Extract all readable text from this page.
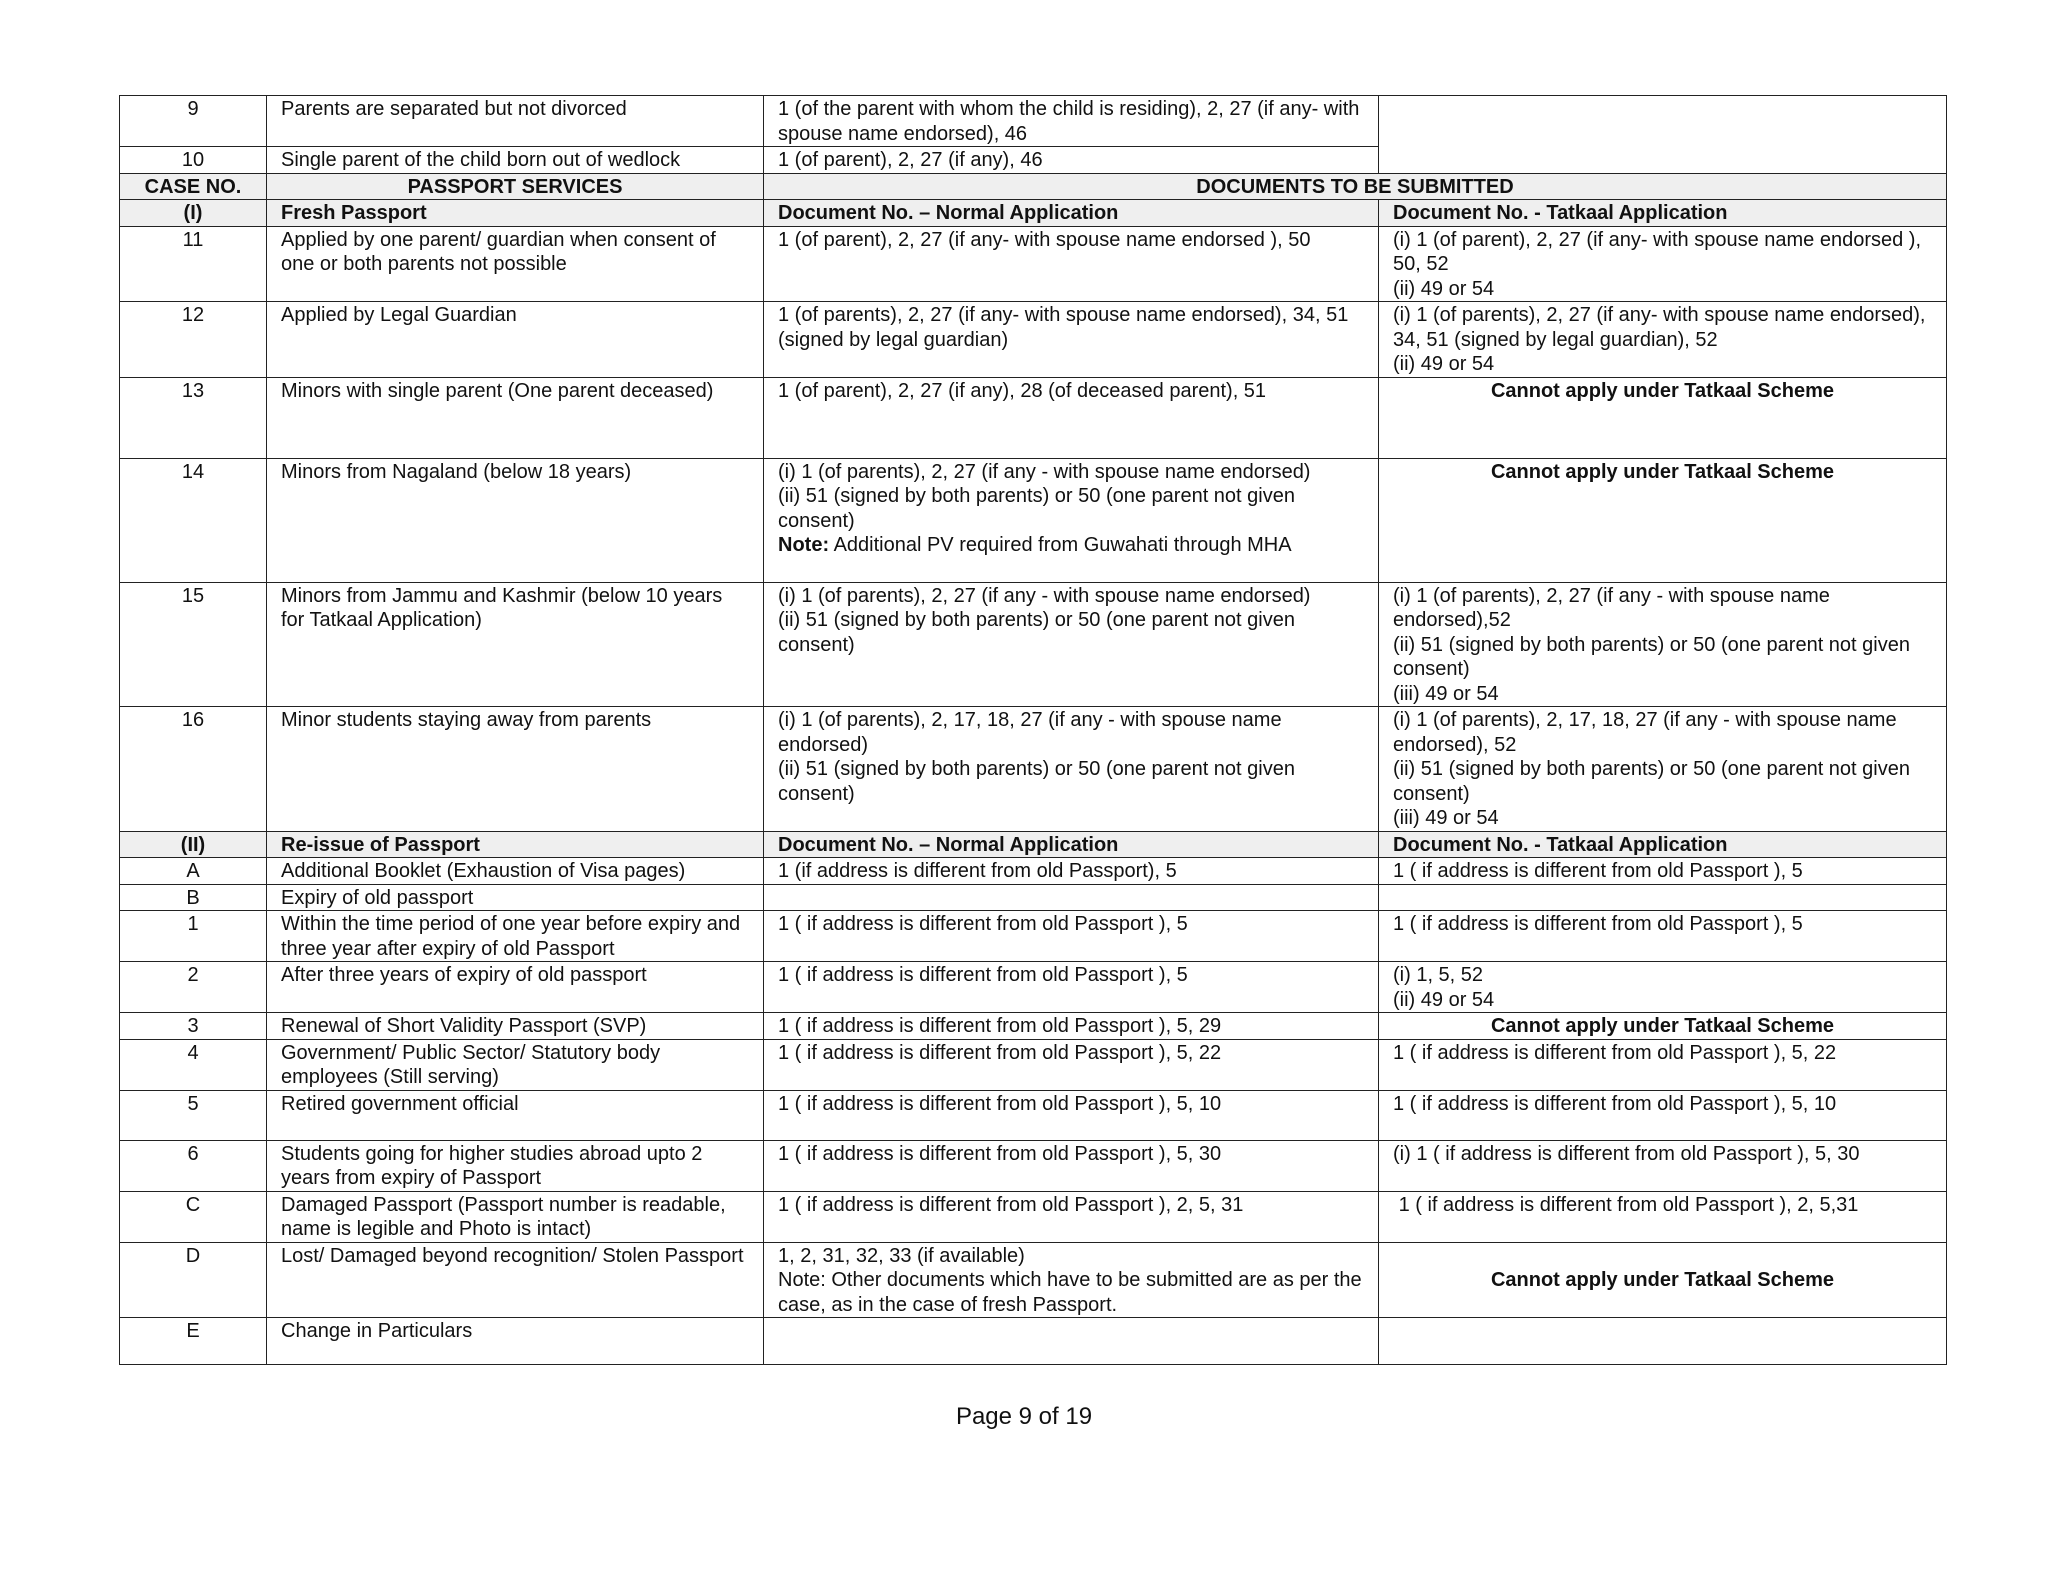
9	Parents are separated but not divorced	1 (of the parent with whom the child is residing), 2, 27 (if any- with spouse name endorsed), 46	
10	Single parent of the child born out of wedlock	1 (of parent), 2, 27 (if any), 46	
CASE NO.	PASSPORT SERVICES	DOCUMENTS TO BE SUBMITTED	
(I)	Fresh Passport	Document No. – Normal Application	Document No. - Tatkaal Application
11	Applied by one parent/ guardian when consent of one or both parents not possible	1 (of parent), 2, 27 (if any- with spouse name endorsed ), 50	(i) 1 (of parent), 2, 27 (if any- with spouse name endorsed ), 50, 52
(ii) 49 or 54

12	Applied by Legal Guardian	1 (of parents), 2, 27 (if any- with spouse name endorsed), 34, 51 (signed by legal guardian)	(i) 1 (of parents), 2, 27 (if any- with spouse name endorsed), 34, 51 (signed by legal guardian), 52
(ii) 49 or 54

13	Minors with single parent (One parent deceased)	1 (of parent), 2, 27 (if any), 28 (of deceased parent), 51	Cannot apply under Tatkaal Scheme
14	Minors from Nagaland (below 18 years)	(i) 1 (of parents), 2, 27 (if any - with spouse name endorsed)
(ii) 51 (signed by both parents) or 50 (one parent not given consent)
Note: Additional PV required from Guwahati through MHA	Cannot apply under Tatkaal Scheme
15	Minors from Jammu and Kashmir (below 10 years for Tatkaal Application)	(i) 1 (of parents), 2, 27 (if any - with spouse name endorsed)
(ii) 51 (signed by both parents) or 50 (one parent not given consent)	(i) 1 (of parents), 2, 27 (if any - with spouse name endorsed),52
(ii) 51 (signed by both parents) or 50 (one parent not given consent)
(iii) 49 or 54

16	Minor students staying away from parents	(i) 1 (of parents), 2, 17, 18, 27 (if any - with spouse name endorsed)
(ii) 51 (signed by both parents) or 50 (one parent not given consent)	(i) 1 (of parents), 2, 17, 18, 27 (if any - with spouse name endorsed), 52
(ii) 51 (signed by both parents) or 50 (one parent not given consent)
(iii) 49 or 54

(II)	Re-issue of Passport	Document No. – Normal Application	Document No. - Tatkaal Application
A	Additional Booklet (Exhaustion of Visa pages)	1 (if address is different from old Passport), 5	1 ( if address is different from old Passport ), 5
B	Expiry of old passport		
1	Within the time period of one year before expiry and three year after expiry of old Passport	1 ( if address is different from old Passport ), 5	1 ( if address is different from old Passport ), 5
2	After three years of expiry of old passport	1 ( if address is different from old Passport ), 5	(i) 1, 5, 52
(ii) 49 or 54

3	Renewal of Short Validity Passport (SVP)	1 ( if address is different from old Passport ), 5, 29	Cannot apply under Tatkaal Scheme
4	Government/ Public Sector/ Statutory body employees (Still serving)	1 ( if address is different from old Passport ), 5, 22	1 ( if address is different from old Passport ), 5, 22
5	Retired government official	1 ( if address is different from old Passport ), 5, 10	1 ( if address is different from old Passport ), 5, 10
6	Students going for higher studies abroad upto 2 years from expiry of Passport	1 ( if address is different from old Passport ), 5, 30	(i) 1 ( if address is different from old Passport ), 5, 30
C	Damaged Passport (Passport number is readable, name is legible and Photo is intact)	1 ( if address is different from old Passport ), 2, 5, 31	1 ( if address is different from old Passport ), 2, 5,31
D	Lost/ Damaged beyond recognition/ Stolen Passport	1, 2, 31, 32, 33 (if available)
Note: Other documents which have to be submitted are as per the case, as in the case of fresh Passport.	Cannot apply under Tatkaal Scheme
E	Change in Particulars		
Page 9 of 19
